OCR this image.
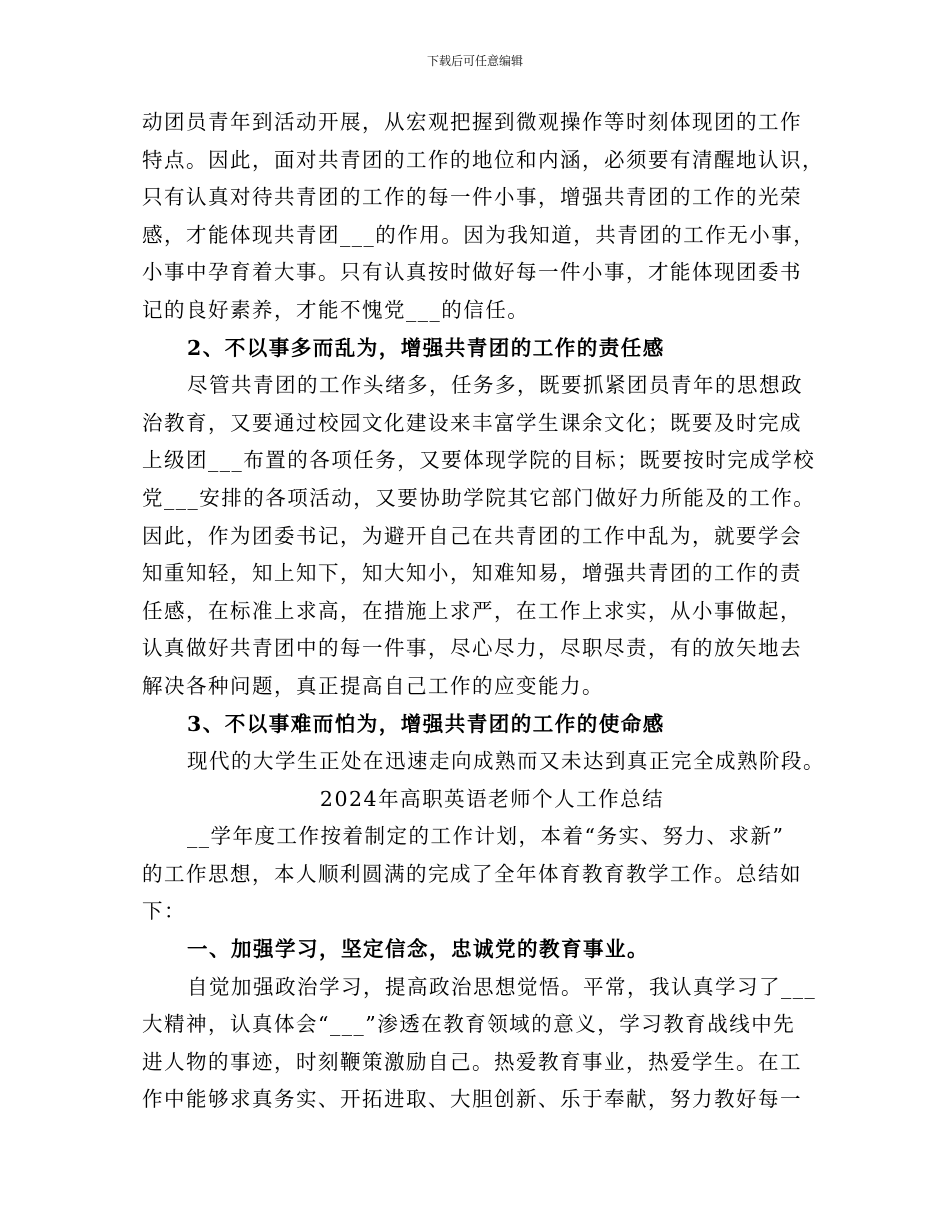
下载后可任意编辑
动团员青年到活动开展，从宏观把握到微观操作等时刻体现团的工作
特点。因此，面对共青团的工作的地位和内涵，必须要有清醒地认识，
只有认真对待共青团的工作的每一件小事，增强共青团的工作的光荣
感，才能体现共青团___的作用。因为我知道，共青团的工作无小事，
小事中孕育着大事。只有认真按时做好每一件小事，才能体现团委书
记的良好素养，才能不愧党___的信任。
2、不以事多而乱为，增强共青团的工作的责任感
尽管共青团的工作头绪多，任务多，既要抓紧团员青年的思想政
治教育，又要通过校园文化建设来丰富学生课余文化；既要及时完成
上级团___布置的各项任务，又要体现学院的目标；既要按时完成学校
党___安排的各项活动，又要协助学院其它部门做好力所能及的工作。
因此，作为团委书记，为避开自己在共青团的工作中乱为，就要学会
知重知轻，知上知下，知大知小，知难知易，增强共青团的工作的责
任感，在标准上求高，在措施上求严，在工作上求实，从小事做起，
认真做好共青团中的每一件事，尽心尽力，尽职尽责，有的放矢地去
解决各种问题，真正提高自己工作的应变能力。
3、不以事难而怕为，增强共青团的工作的使命感
现代的大学生正处在迅速走向成熟而又未达到真正完全成熟阶段。
2024年高职英语老师个人工作总结
__学年度工作按着制定的工作计划，本着“务实、努力、求新”
的工作思想，本人顺利圆满的完成了全年体育教育教学工作。总结如
下：
一、加强学习，坚定信念，忠诚党的教育事业。
自觉加强政治学习，提高政治思想觉悟。平常，我认真学习了___
大精神，认真体会“___”渗透在教育领域的意义，学习教育战线中先
进人物的事迹，时刻鞭策激励自己。热爱教育事业，热爱学生。在工
作中能够求真务实、开拓进取、大胆创新、乐于奉献，努力教好每一
